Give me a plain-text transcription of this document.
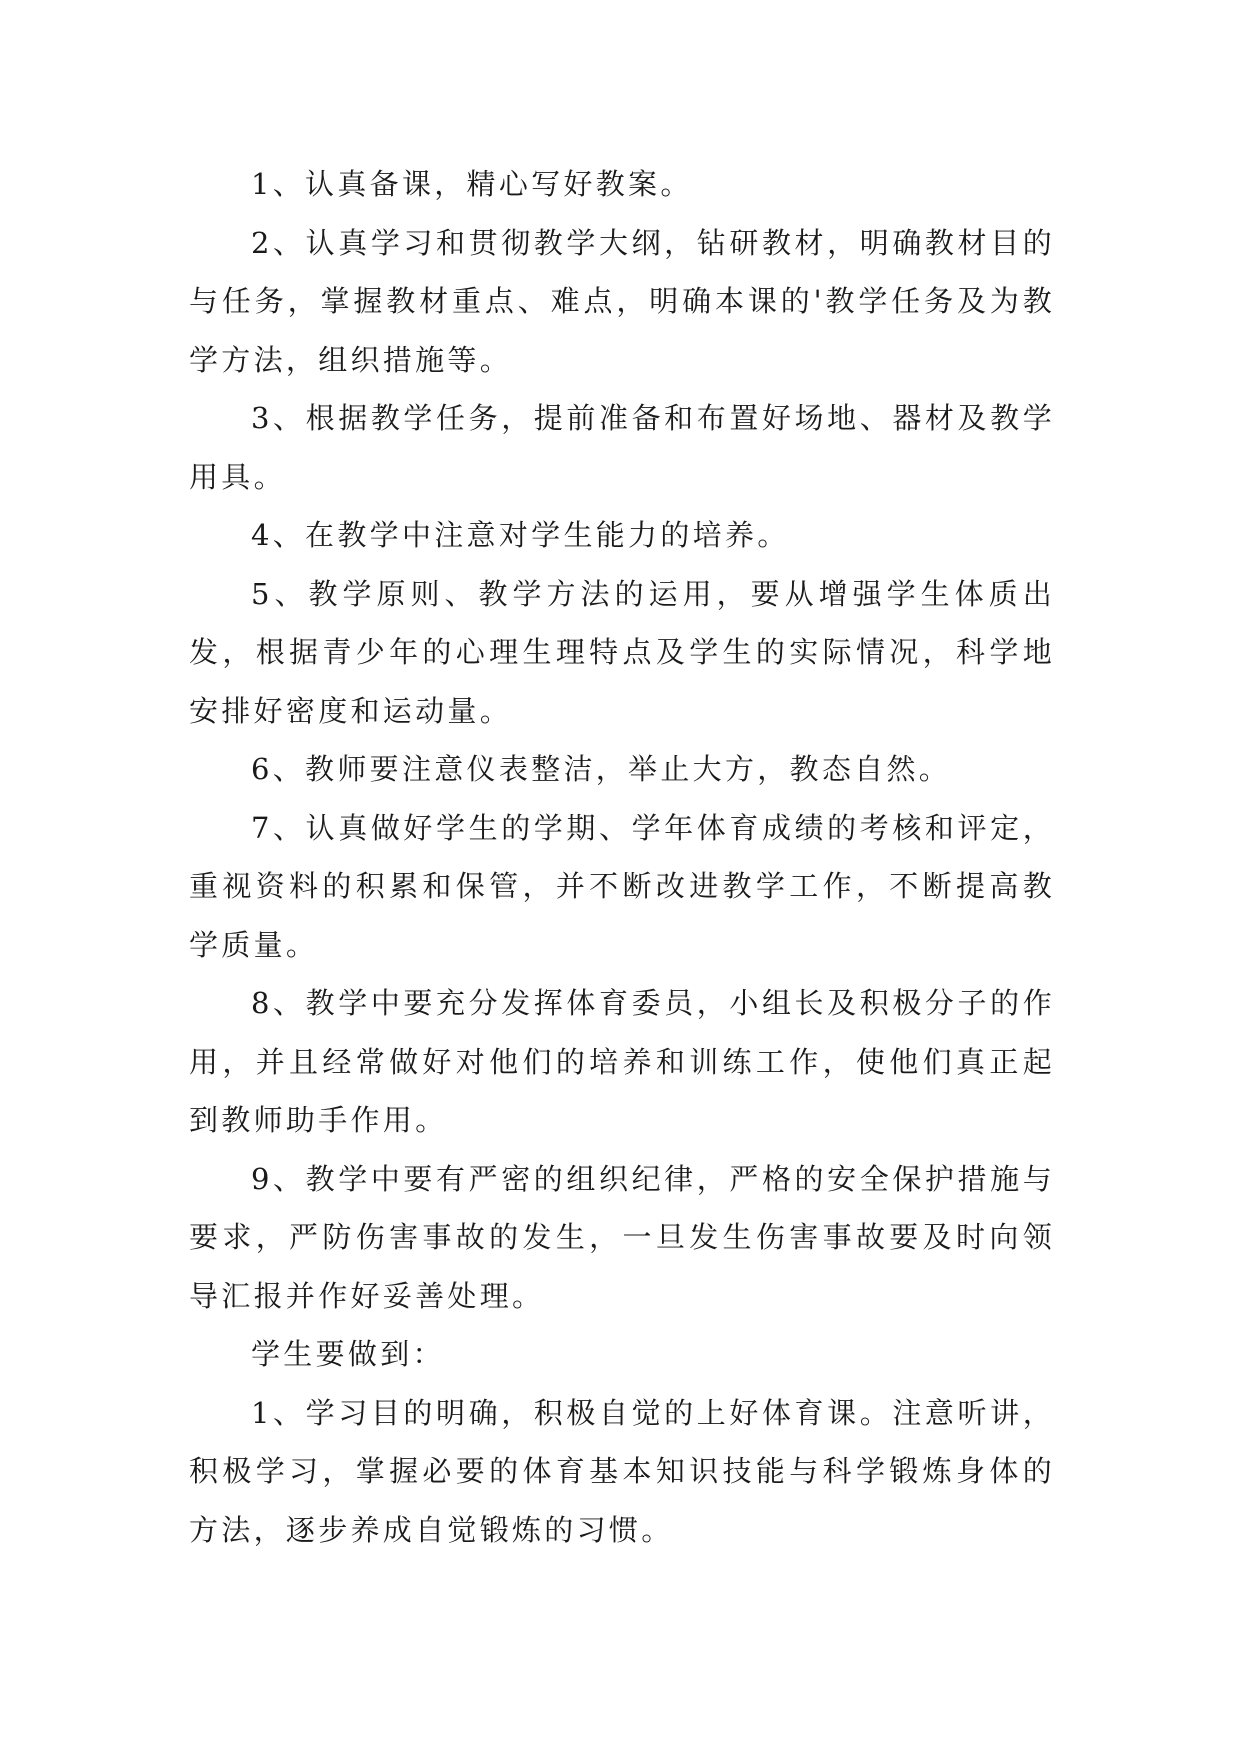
1、认真备课，精心写好教案。

2、认真学习和贯彻教学大纲，钻研教材，明确教材目的与任务，掌握教材重点、难点，明确本课的'教学任务及为教学方法，组织措施等。

3、根据教学任务，提前准备和布置好场地、器材及教学用具。

4、在教学中注意对学生能力的培养。

5、教学原则、教学方法的运用，要从增强学生体质出发，根据青少年的心理生理特点及学生的实际情况，科学地安排好密度和运动量。

6、教师要注意仪表整洁，举止大方，教态自然。

7、认真做好学生的学期、学年体育成绩的考核和评定，重视资料的积累和保管，并不断改进教学工作，不断提高教学质量。

8、教学中要充分发挥体育委员，小组长及积极分子的作用，并且经常做好对他们的培养和训练工作，使他们真正起到教师助手作用。

9、教学中要有严密的组织纪律，严格的安全保护措施与要求，严防伤害事故的发生，一旦发生伤害事故要及时向领导汇报并作好妥善处理。

学生要做到：

1、学习目的明确，积极自觉的上好体育课。注意听讲，积极学习，掌握必要的体育基本知识技能与科学锻炼身体的方法，逐步养成自觉锻炼的习惯。
